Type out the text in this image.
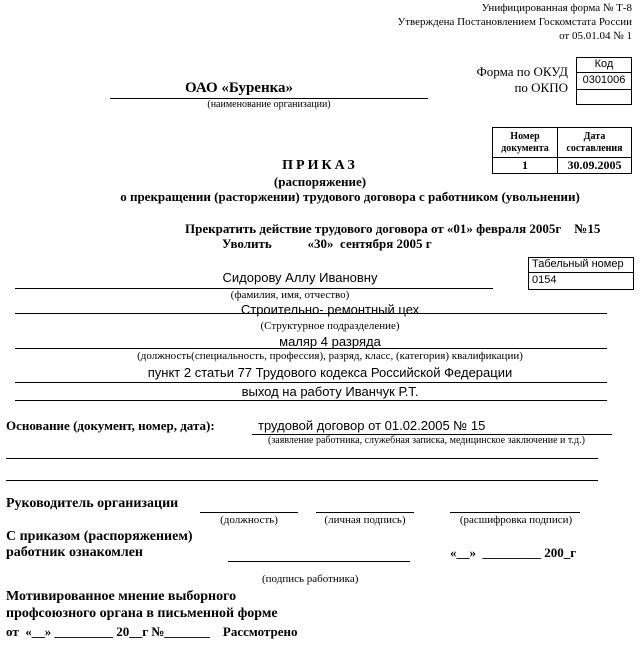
Унифицированная форма № Т-8
Утверждена Постановлением Госкомстата России
от 05.01.04 № 1
ОАО «Буренка»
(наименование организации)
Форма по ОКУД
по ОКПО
Код
0301006
Номер документа	Дата составления
1	30.09.2005
ПРИКАЗ
(распоряжение)
о прекращении (расторжении) трудового договора с работником (увольнении)
Прекратить действие трудового договора от «01» февраля 2005г    №15
Уволить           «30»  сентября 2005 г
Табельный номер
0154
Сидорову Аллу Ивановну
(фамилия, имя, отчество)
Строительно- ремонтный цех
(Структурное подразделение)
маляр 4 разряда
(должность(специальность, профессия), разряд, класс, (категория) квалификации)
пункт 2 статьи 77 Трудового кодекса Российской Федерации
выход на работу Иванчук Р.Т.
Основание (документ, номер, дата):	трудовой договор от 01.02.2005 № 15
(заявление работника, служебная записка, медицинское заключение и т.д.)
Руководитель организации
(должность)	(личная подпись)	(расшифровка подписи)
С приказом (распоряжением)
работник ознакомлен	«__»  _________ 200_г
(подпись работника)
Мотивированное мнение выборного
профсоюзного органа в письменной форме
от  «__» _________ 20__г №_______    Рассмотрено
